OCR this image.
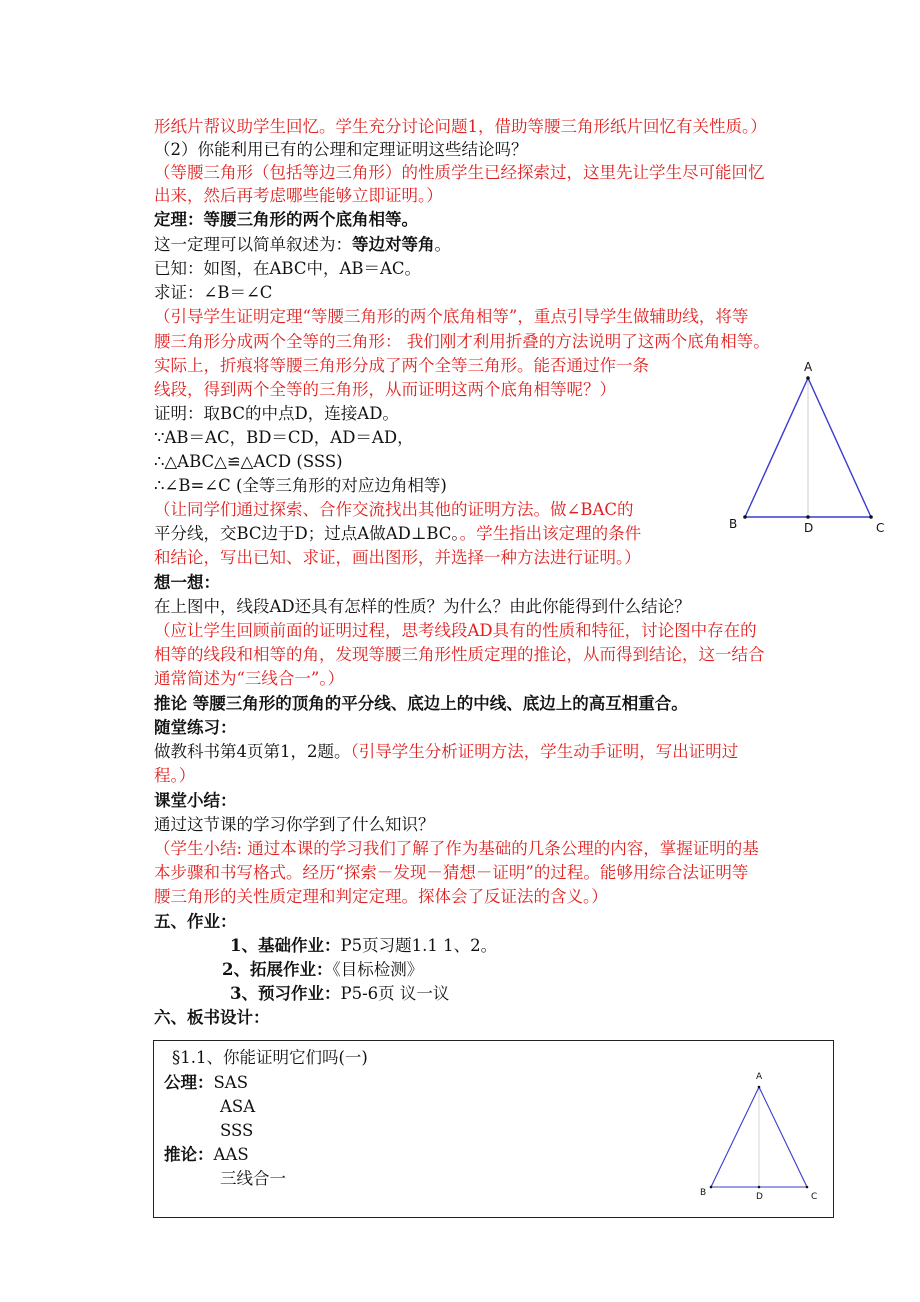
形纸片帮议助学生回忆。学生充分讨论问题1，借助等腰三角形纸片回忆有关性质。）
（2）你能利用已有的公理和定理证明这些结论吗？
（等腰三角形（包括等边三角形）的性质学生已经探索过，这里先让学生尽可能回忆
出来，然后再考虑哪些能够立即证明。）
定理：等腰三角形的两个底角相等。
这一定理可以简单叙述为：等边对等角。
已知：如图，在ABC中，AB＝AC。
求证：∠B＝∠C
（引导学生证明定理“等腰三角形的两个底角相等”，重点引导学生做辅助线，将等
腰三角形分成两个全等的三角形： 我们刚才利用折叠的方法说明了这两个底角相等。
实际上，折痕将等腰三角形分成了两个全等三角形。能否通过作一条
线段，得到两个全等的三角形，从而证明这两个底角相等呢？）
证明：取BC的中点D，连接AD。
∵AB＝AC，BD＝CD，AD＝AD，
∴△ABC△≌△ACD (SSS)
∴∠B=∠C (全等三角形的对应边角相等)
（让同学们通过探索、合作交流找出其他的证明方法。做∠BAC的
平分线，交BC边于D；过点A做AD⊥BC。。学生指出该定理的条件
和结论，写出已知、求证，画出图形，并选择一种方法进行证明。）
想一想：
在上图中，线段AD还具有怎样的性质？为什么？由此你能得到什么结论？
（应让学生回顾前面的证明过程，思考线段AD具有的性质和特征，讨论图中存在的
相等的线段和相等的角，发现等腰三角形性质定理的推论，从而得到结论，这一结合
通常简述为“三线合一”。）
推论 等腰三角形的顶角的平分线、底边上的中线、底边上的高互相重合。
随堂练习：
做教科书第4页第1，2题。（引导学生分析证明方法，学生动手证明，写出证明过
程。）
课堂小结：
通过这节课的学习你学到了什么知识？
（学生小结: 通过本课的学习我们了解了作为基础的几条公理的内容，掌握证明的基
本步骤和书写格式。经历“探索－发现－猜想－证明”的过程。能够用综合法证明等
腰三角形的关性质定理和判定定理。探体会了反证法的含义。）
五、作业：
1、基础作业：P5页习题1.1 1、2。
2、拓展作业：《目标检测》
3、预习作业：P5-6页 议一议
六、板书设计：
A
B	C
D
§1.1、你能证明它们吗(一)
公理：SAS
ASA
SSS
推论：AAS
三线合一
A
B	C
D
